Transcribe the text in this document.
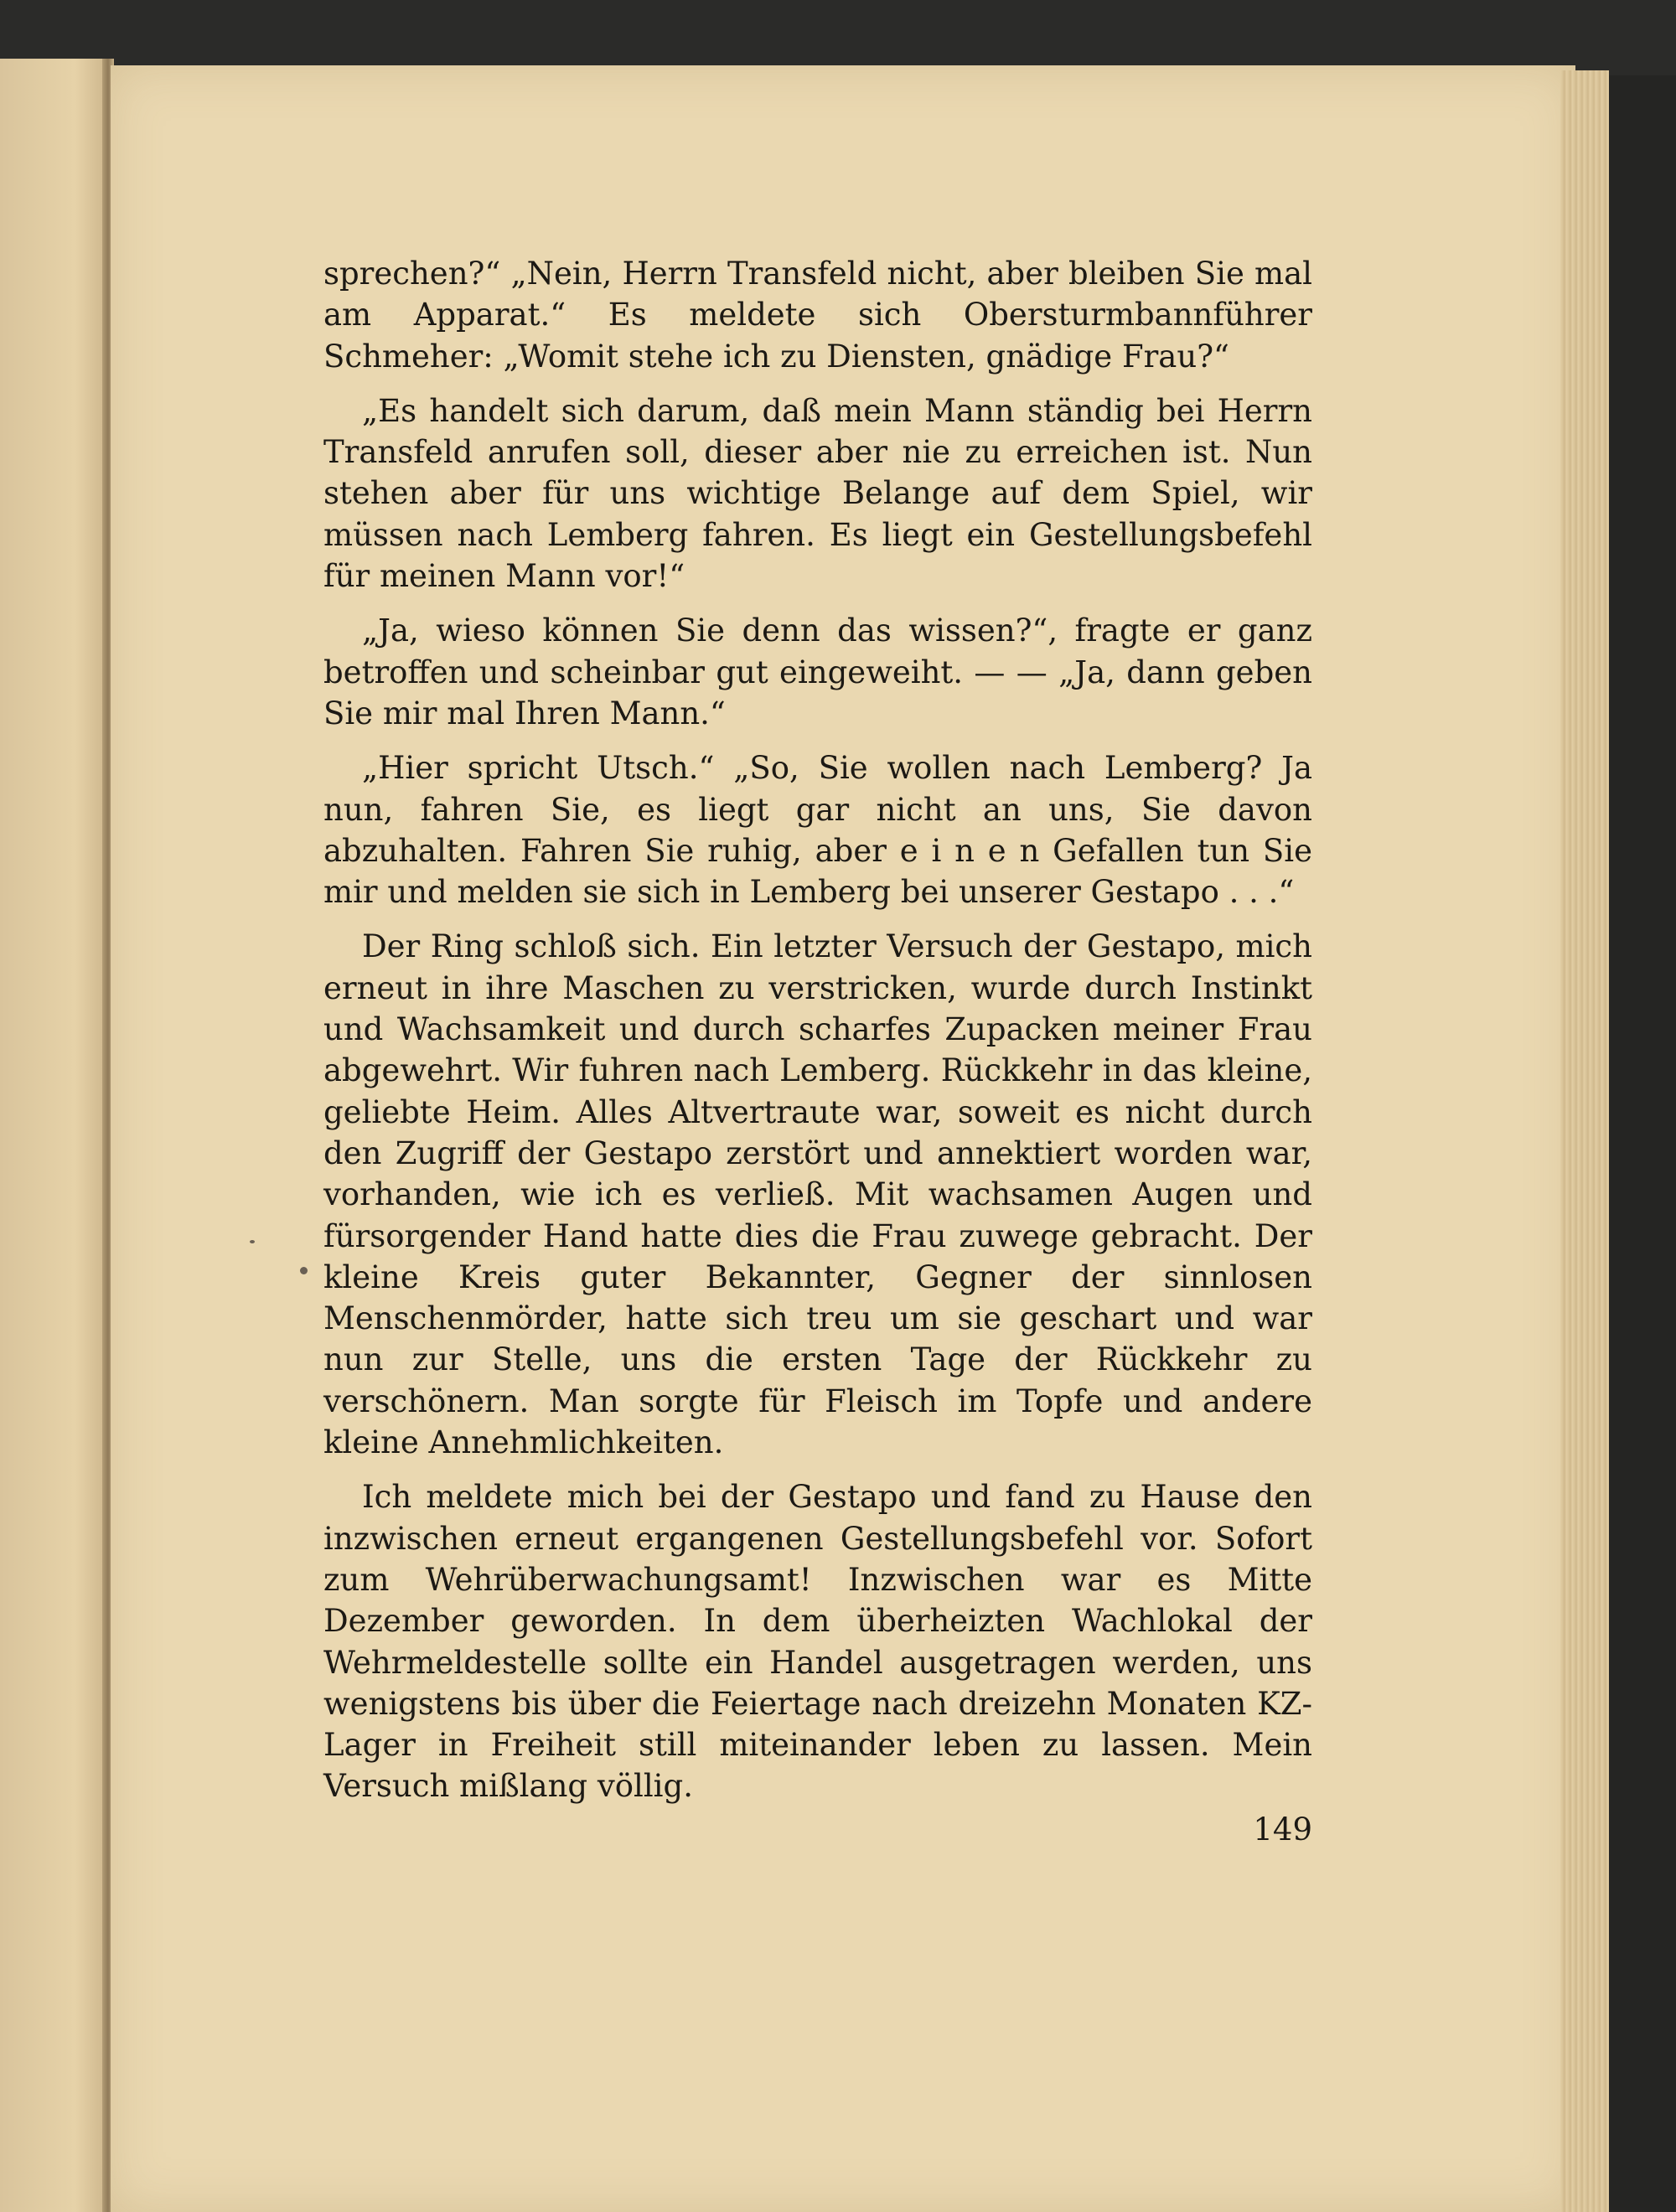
sprechen?“ „Nein, Herrn Transfeld nicht, aber bleiben Sie mal am Apparat.“ Es meldete sich Obersturmbannführer Schmeher: „Womit stehe ich zu Diensten, gnädige Frau?“

„Es handelt sich darum, daß mein Mann ständig bei Herrn Transfeld anrufen soll, dieser aber nie zu erreichen ist. Nun stehen aber für uns wichtige Belange auf dem Spiel, wir müssen nach Lemberg fahren. Es liegt ein Gestellungsbefehl für meinen Mann vor!“

„Ja, wieso können Sie denn das wissen?“, fragte er ganz betroffen und scheinbar gut eingeweiht. — — „Ja, dann geben Sie mir mal Ihren Mann.“

„Hier spricht Utsch.“ „So, Sie wollen nach Lemberg? Ja nun, fahren Sie, es liegt gar nicht an uns, Sie davon abzuhalten. Fahren Sie ruhig, aber e i n e n Gefallen tun Sie mir und melden sie sich in Lemberg bei unserer Gestapo . . .“

Der Ring schloß sich. Ein letzter Versuch der Gestapo, mich erneut in ihre Maschen zu verstricken, wurde durch Instinkt und Wachsamkeit und durch scharfes Zupacken meiner Frau abgewehrt. Wir fuhren nach Lemberg. Rückkehr in das kleine, geliebte Heim. Alles Altvertraute war, soweit es nicht durch den Zugriff der Gestapo zerstört und annektiert worden war, vorhanden, wie ich es verließ. Mit wachsamen Augen und fürsorgender Hand hatte dies die Frau zuwege gebracht. Der kleine Kreis guter Bekannter, Gegner der sinnlosen Menschenmörder, hatte sich treu um sie geschart und war nun zur Stelle, uns die ersten Tage der Rückkehr zu verschönern. Man sorgte für Fleisch im Topfe und andere kleine Annehmlichkeiten.

Ich meldete mich bei der Gestapo und fand zu Hause den inzwischen erneut ergangenen Gestellungsbefehl vor. Sofort zum Wehrüberwachungsamt! Inzwischen war es Mitte Dezember geworden. In dem überheizten Wachlokal der Wehrmeldestelle sollte ein Handel ausgetragen werden, uns wenigstens bis über die Feiertage nach dreizehn Monaten KZ-Lager in Freiheit still miteinander leben zu lassen. Mein Versuch mißlang völlig.

149
